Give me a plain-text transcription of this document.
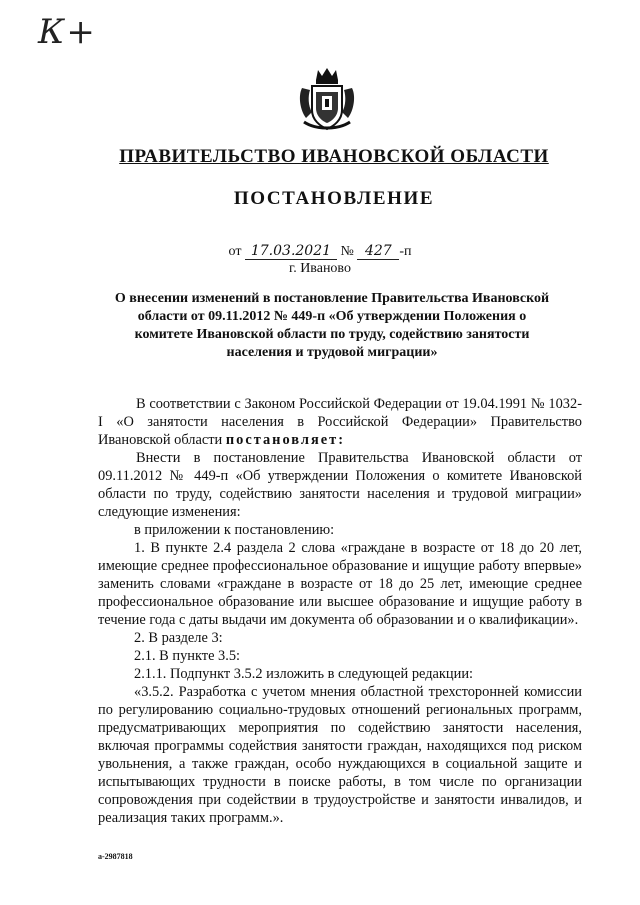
К+
ПРАВИТЕЛЬСТВО ИВАНОВСКОЙ ОБЛАСТИ
ПОСТАНОВЛЕНИЕ
от 17.03.2021 № 427 -п
г. Иваново
О внесении изменений в постановление Правительства Ивановской области от 09.11.2012 № 449-п «Об утверждении Положения о комитете Ивановской области по труду, содействию занятости населения и трудовой миграции»

В соответствии с Законом Российской Федерации от 19.04.1991 № 1032-I «О занятости населения в Российской Федерации» Правительство Ивановской области постановляет:

Внести в постановление Правительства Ивановской области от 09.11.2012 № 449-п «Об утверждении Положения о комитете Ивановской области по труду, содействию занятости населения и трудовой миграции» следующие изменения:

в приложении к постановлению:

1. В пункте 2.4 раздела 2 слова «граждане в возрасте от 18 до 20 лет, имеющие среднее профессиональное образование и ищущие работу впервые» заменить словами «граждане в возрасте от 18 до 25 лет, имеющие среднее профессиональное образование или высшее образование и ищущие работу в течение года с даты выдачи им документа об образовании и о квалификации».

2. В разделе 3:

2.1. В пункте 3.5:

2.1.1. Подпункт 3.5.2 изложить в следующей редакции:

«3.5.2. Разработка с учетом мнения областной трехсторонней комиссии по регулированию социально-трудовых отношений региональных программ, предусматривающих мероприятия по содействию занятости населения, включая программы содействия занятости граждан, находящихся под риском увольнения, а также граждан, особо нуждающихся в социальной защите и испытывающих трудности в поиске работы, в том числе по организации сопровождения при содействии в трудоустройстве и занятости инвалидов, и реализация таких программ.».

a-2987818
